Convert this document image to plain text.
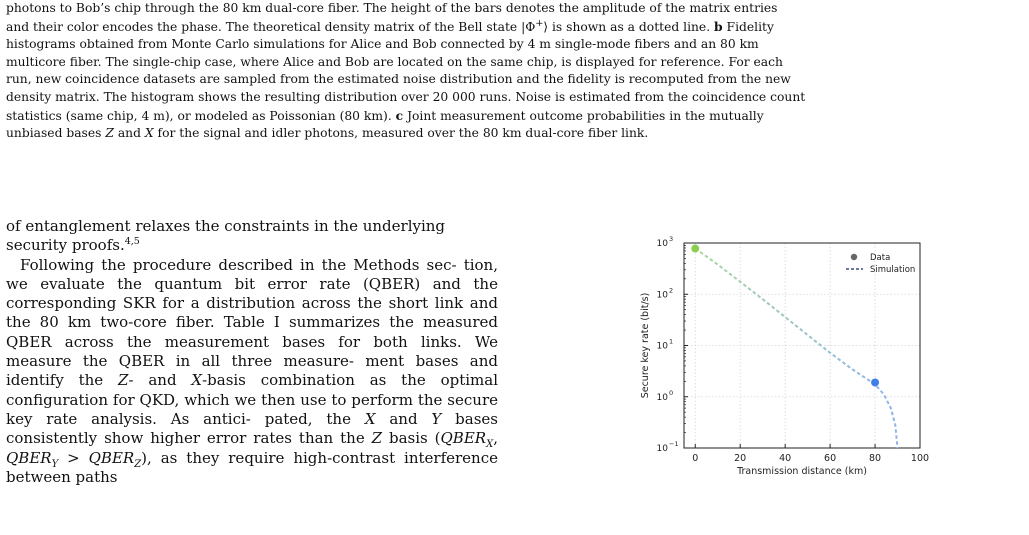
photons to Bob’s chip through the 80 km dual-core fiber. The height of the bars denotes the amplitude of the matrix entries

and their color encodes the phase. The theoretical density matrix of the Bell state |Φ+⟩ is shown as a dotted line. b Fidelity

histograms obtained from Monte Carlo simulations for Alice and Bob connected by 4 m single-mode fibers and an 80 km

multicore fiber. The single-chip case, where Alice and Bob are located on the same chip, is displayed for reference. For each

run, new coincidence datasets are sampled from the estimated noise distribution and the fidelity is recomputed from the new

density matrix. The histogram shows the resulting distribution over 20 000 runs. Noise is estimated from the coincidence count

statistics (same chip, 4 m), or modeled as Poissonian (80 km). c Joint measurement outcome probabilities in the mutually

unbiased bases Z and X for the signal and idler photons, measured over the 80 km dual-core fiber link.

of entanglement relaxes the constraints in the underlying
security proofs.$^{4,5}$

Following the procedure described in the Methods sec- tion, we evaluate the quantum bit error rate (QBER) and the corresponding SKR for a distribution across the short link and the 80 km two-core fiber. Table I summarizes the measured QBER across the measurement bases for both links. We measure the QBER in all three measure- ment bases and identify the Z- and X-basis combination as the optimal configuration for QKD, which we then use to perform the secure key rate analysis. As antici- pated, the X and Y bases consistently show higher error rates than the Z basis ($QBER_X$, $QBER_Y$ > $QBER_Z$), as they require high-contrast interference between paths

0	20	40	60	80	100
10 −1
10 0
10 1
10 2
10 3
Transmission distance (km)
Secure key rate (bit/s)
Data
Simulation
